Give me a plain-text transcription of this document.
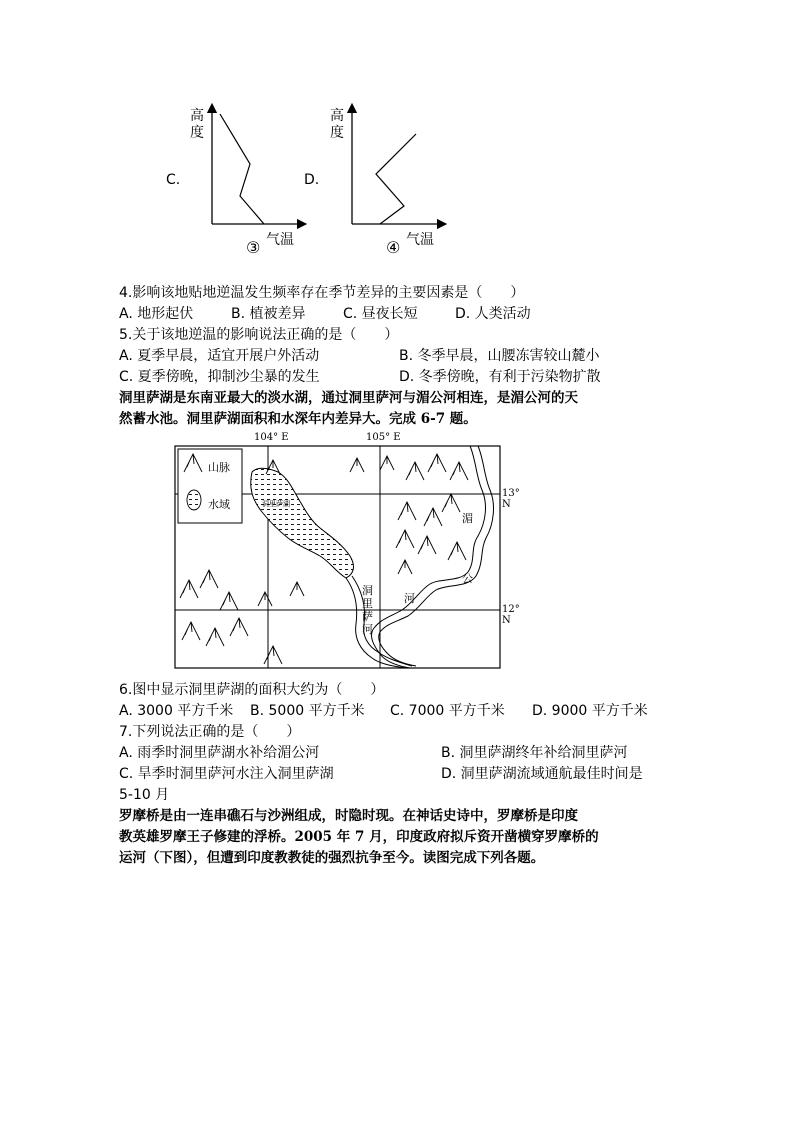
高度
C.
③ 气温
高度
D.
④ 气温
4.影响该地贴地逆温发生频率存在季节差异的主要因素是（　　）
A. 地形起伏	B. 植被差异	C. 昼夜长短	D. 人类活动
5.关于该地逆温的影响说法正确的是（　　）
A. 夏季早晨，适宜开展户外活动	B. 冬季早晨，山腰冻害较山麓小
C. 夏季傍晚，抑制沙尘暴的发生	D. 冬季傍晚，有利于污染物扩散
洞里萨湖是东南亚最大的淡水湖，通过洞里萨河与湄公河相连，是湄公河的天
然蓄水池。洞里萨湖面积和水深年内差异大。完成 6-7 题。
104° E	105° E
13° N
12° N
山脉
水域	洞里萨湖
洞
里
萨
河
湄
公
河
6.图中显示洞里萨湖的面积大约为（　　）
A. 3000 平方千米 B. 5000 平方千米 C. 7000 平方千米 D. 9000 平方千米
7.下列说法正确的是（　　）
A. 雨季时洞里萨湖水补给湄公河	B. 洞里萨湖终年补给洞里萨河
C. 旱季时洞里萨河水注入洞里萨湖	D. 洞里萨湖流域通航最佳时间是
5-10 月
罗摩桥是由一连串礁石与沙洲组成，时隐时现。在神话史诗中，罗摩桥是印度
教英雄罗摩王子修建的浮桥。2005 年 7 月，印度政府拟斥资开凿横穿罗摩桥的
运河（下图），但遭到印度教教徒的强烈抗争至今。读图完成下列各题。
